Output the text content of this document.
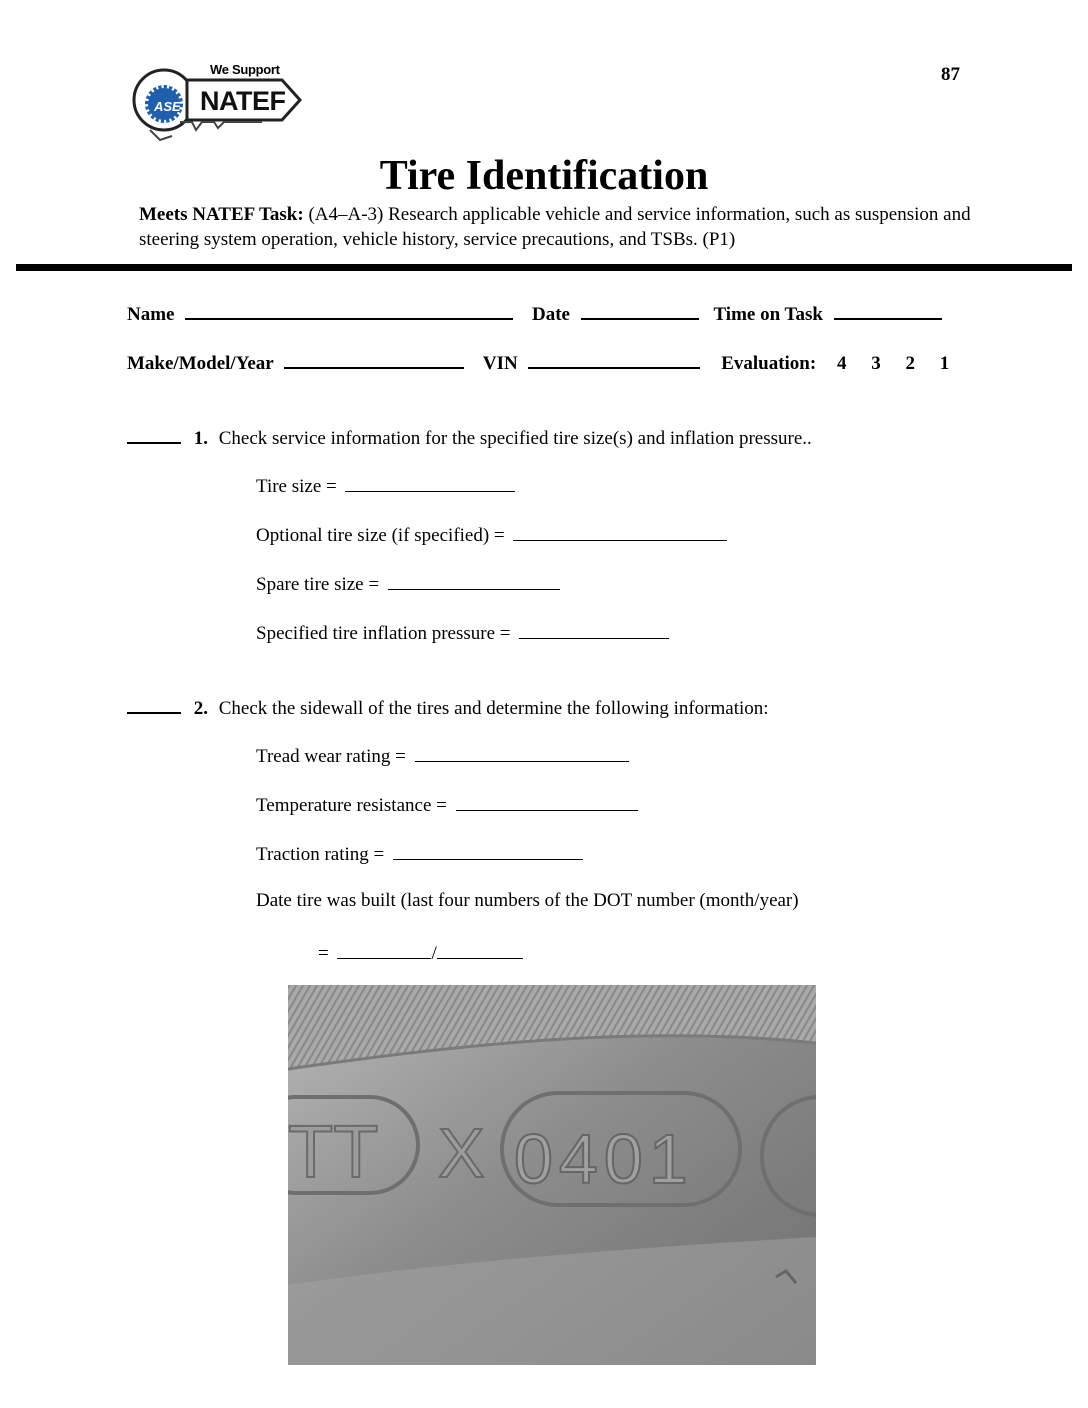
We Support
NATEF
ASE
87
Tire Identification
Meets NATEF Task: (A4–A-3) Research applicable vehicle and service information, such as suspension and steering system operation, vehicle history, service precautions, and TSBs. (P1)
Name	Date	Time on Task
Make/Model/Year	VIN	Evaluation: 4 3 2 1
1. Check service information for the specified tire size(s) and inflation pressure..
Tire size =
Optional tire size (if specified) =
Spare tire size =
Specified tire inflation pressure =
2. Check the sidewall of the tires and determine the following information:
Tread wear rating =
Temperature resistance =
Traction rating =
Date tire was built (last four numbers of the DOT number (month/year)
=	/
TT X 0401
